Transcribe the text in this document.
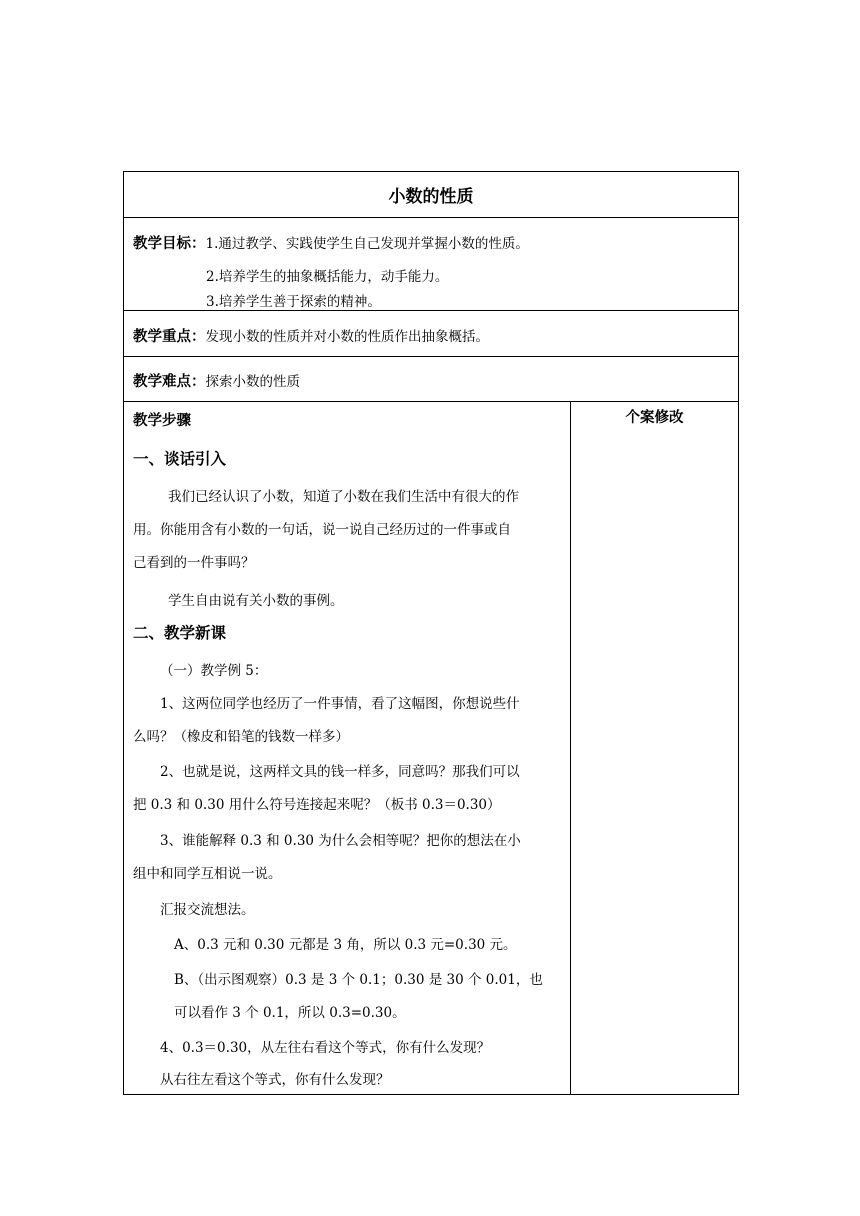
小数的性质
教学目标：1.通过教学、实践使学生自己发现并掌握小数的性质。
2.培养学生的抽象概括能力，动手能力。
3.培养学生善于探索的精神。
教学重点：发现小数的性质并对小数的性质作出抽象概括。
教学难点：探索小数的性质
教学步骤
一、谈话引入
我们已经认识了小数，知道了小数在我们生活中有很大的作
用。你能用含有小数的一句话，说一说自己经历过的一件事或自
己看到的一件事吗？
学生自由说有关小数的事例。
二、教学新课
（一）教学例 5：
1、这两位同学也经历了一件事情，看了这幅图，你想说些什
么吗？（橡皮和铅笔的钱数一样多）
2、也就是说，这两样文具的钱一样多，同意吗？那我们可以
把 0.3 和 0.30 用什么符号连接起来呢？（板书 0.3＝0.30）
3、谁能解释 0.3 和 0.30 为什么会相等呢？把你的想法在小
组中和同学互相说一说。
汇报交流想法。
A、0.3 元和 0.30 元都是 3 角，所以 0.3 元=0.30 元。
B、（出示图观察）0.3 是 3 个 0.1；0.30 是 30 个 0.01，也
可以看作 3 个 0.1，所以 0.3=0.30。
4、0.3＝0.30，从左往右看这个等式，你有什么发现？
从右往左看这个等式，你有什么发现？
个案修改
